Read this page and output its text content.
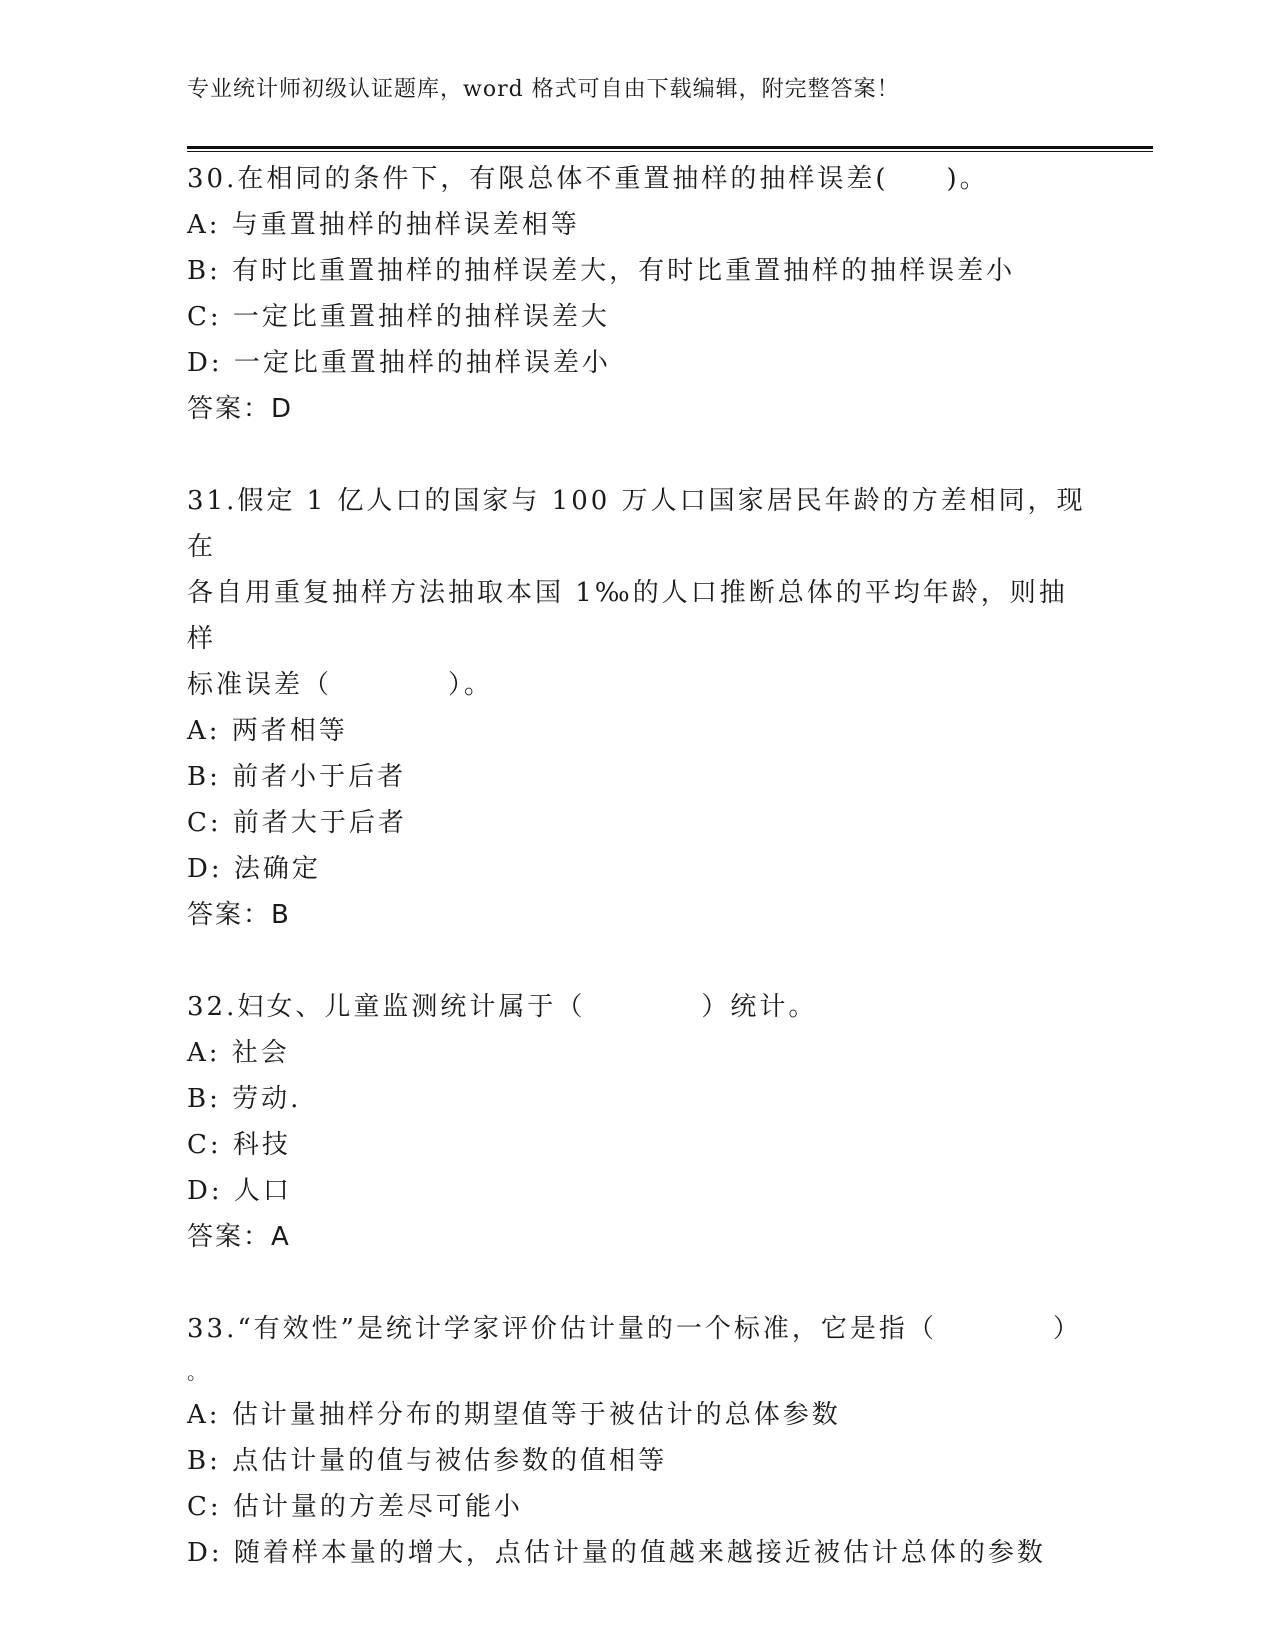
专业统计师初级认证题库，word 格式可自由下载编辑，附完整答案！

30.在相同的条件下，有限总体不重置抽样的抽样误差(　　)。

A: 与重置抽样的抽样误差相等

B: 有时比重置抽样的抽样误差大，有时比重置抽样的抽样误差小

C: 一定比重置抽样的抽样误差大

D: 一定比重置抽样的抽样误差小

答案：D

31.假定 1 亿人口的国家与 100 万人口国家居民年龄的方差相同，现在

各自用重复抽样方法抽取本国 1‰的人口推断总体的平均年龄，则抽样

标准误差（　　　　）。

A: 两者相等

B: 前者小于后者

C: 前者大于后者

D: 法确定

答案：B

32.妇女、儿童监测统计属于（　　　　）统计。

A: 社会

B: 劳动.

C: 科技

D: 人口

答案：A

33.“有效性”是统计学家评价估计量的一个标准，它是指（　　　　）

。

A: 估计量抽样分布的期望值等于被估计的总体参数

B: 点估计量的值与被估参数的值相等

C: 估计量的方差尽可能小

D: 随着样本量的增大，点估计量的值越来越接近被估计总体的参数
